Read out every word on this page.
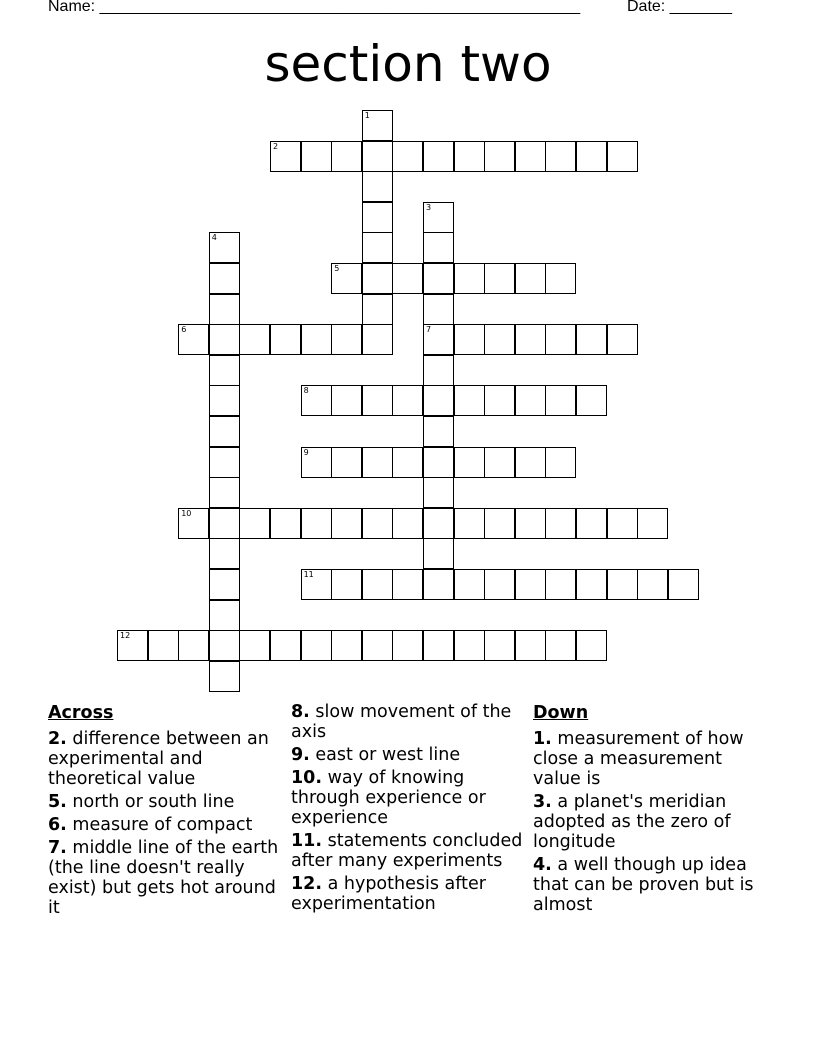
Name: ______________________________________________________	Date: _______
section two
1
2
3
7
4
5
6
8
9
10
11
12
Across
2. difference between an experimental and theoretical value
5. north or south line
6. measure of compact
7. middle line of the earth (the line doesn't really exist) but gets hot around it
8. slow movement of the axis
9. east or west line
10. way of knowing through experience or experience
11. statements concluded after many experiments
12. a hypothesis after experimentation
Down
1. measurement of how close a measurement value is
3. a planet's meridian adopted as the zero of longitude
4. a well though up idea that can be proven but is almost
